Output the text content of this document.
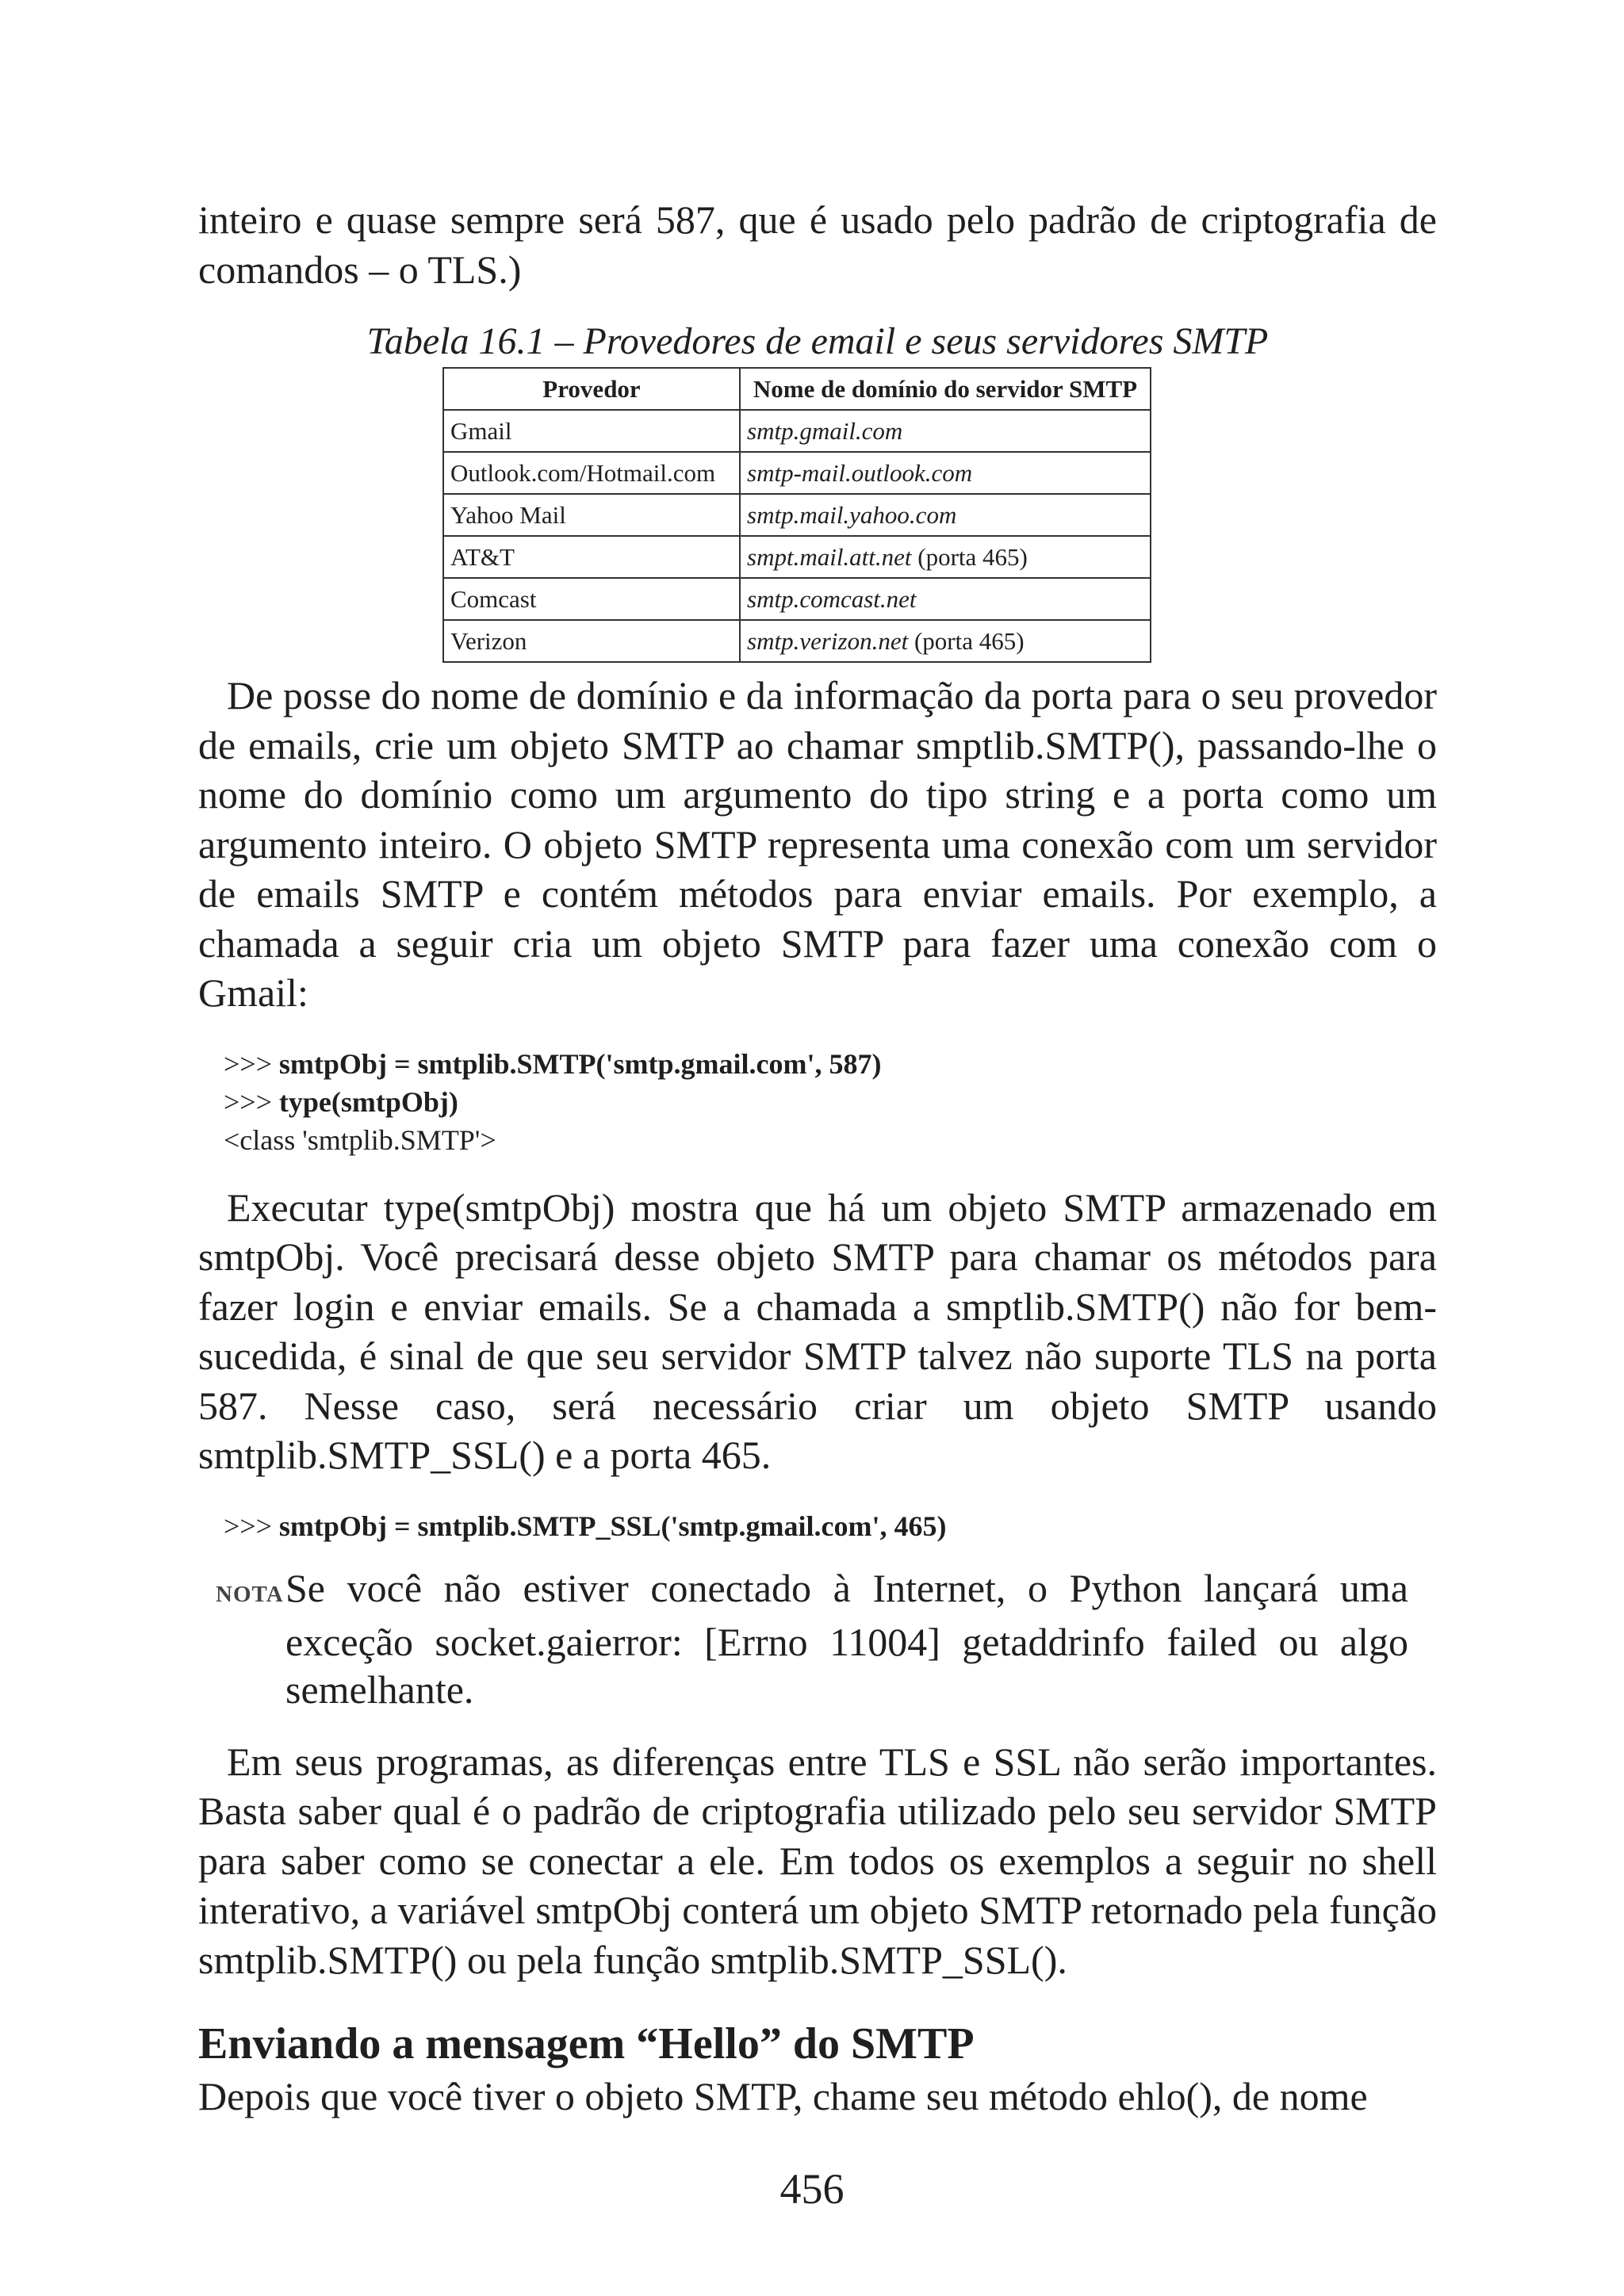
inteiro e quase sempre será 587, que é usado pelo padrão de criptografia de comandos – o TLS.)

Tabela 16.1 – Provedores de email e seus servidores SMTP
Provedor	Nome de domínio do servidor SMTP
Gmail	smtp.gmail.com
Outlook.com/Hotmail.com	smtp-mail.outlook.com
Yahoo Mail	smtp.mail.yahoo.com
AT&T	smpt.mail.att.net (porta 465)
Comcast	smtp.comcast.net
Verizon	smtp.verizon.net (porta 465)

De posse do nome de domínio e da informação da porta para o seu provedor de emails, crie um objeto SMTP ao chamar smptlib.SMTP(), passando-lhe o nome do domínio como um argumento do tipo string e a porta como um argumento inteiro. O objeto SMTP representa uma conexão com um servidor de emails SMTP e contém métodos para enviar emails. Por exemplo, a chamada a seguir cria um objeto SMTP para fazer uma conexão com o Gmail:

>>> smtpObj = smtplib.SMTP('smtp.gmail.com', 587)
>>> type(smtpObj)
<class 'smtplib.SMTP'>

Executar type(smtpObj) mostra que há um objeto SMTP armazenado em smtpObj. Você precisará desse objeto SMTP para chamar os métodos para fazer login e enviar emails. Se a chamada a smptlib.SMTP() não for bem-sucedida, é sinal de que seu servidor SMTP talvez não suporte TLS na porta 587. Nesse caso, será necessário criar um objeto SMTP usando smtplib.SMTP_SSL() e a porta 465.

>>> smtpObj = smtplib.SMTP_SSL('smtp.gmail.com', 465)
NOTASe você não estiver conectado à Internet, o Python lançará uma exceção socket.gaierror: [Errno 11004] getaddrinfo failed ou algo semelhante.

Em seus programas, as diferenças entre TLS e SSL não serão importantes. Basta saber qual é o padrão de criptografia utilizado pelo seu servidor SMTP para saber como se conectar a ele. Em todos os exemplos a seguir no shell interativo, a variável smtpObj conterá um objeto SMTP retornado pela função smtplib.SMTP() ou pela função smtplib.SMTP_SSL().

Enviando a mensagem “Hello” do SMTP

Depois que você tiver o objeto SMTP, chame seu método ehlo(), de nome

456
